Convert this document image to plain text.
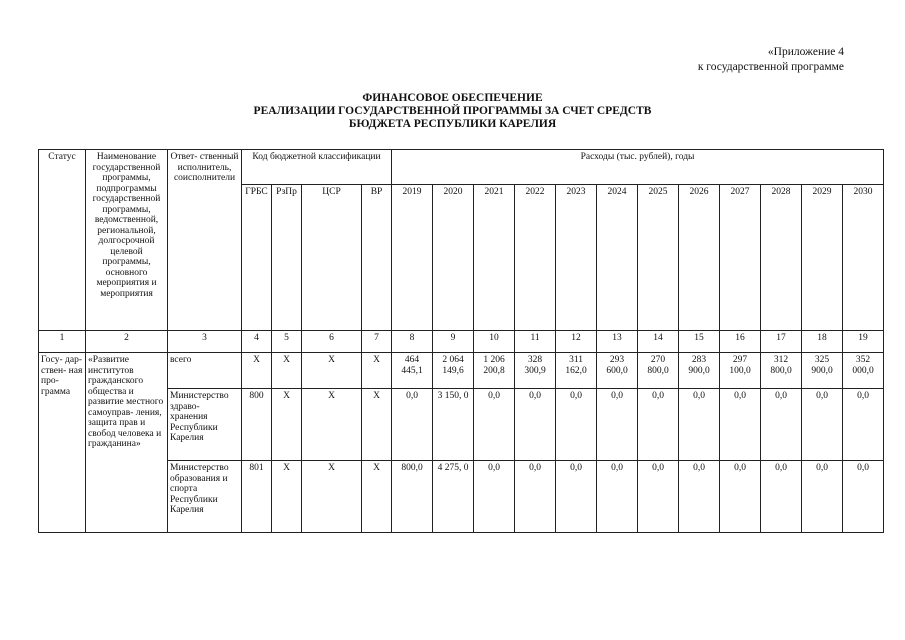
«Приложение 4
к государственной программе
ФИНАНСОВОЕ ОБЕСПЕЧЕНИЕ
РЕАЛИЗАЦИИ ГОСУДАРСТВЕННОЙ ПРОГРАММЫ ЗА СЧЕТ СРЕДСТВ
БЮДЖЕТА РЕСПУБЛИКИ КАРЕЛИЯ
Статус	Наименование государственной программы, подпрограммы государственной программы, ведомственной, региональной, долгосрочной целевой программы, основного мероприятия и мероприятия	Ответ- ственный исполнитель, соисполнители	Код бюджетной классификации				Расходы (тыс. рублей), годы											
			ГРБС	РзПр	ЦСР	ВР	2019	2020	2021	2022	2023	2024	2025	2026	2027	2028	2029	2030
1	2	3	4	5	6	7	8	9	10	11	12	13	14	15	16	17	18	19
Госу- дар- ствен- ная про- грамма	«Развитие институтов гражданского общества и развитие местного самоуправ- ления, защита прав и свобод человека и гражданина»	всего	X	X	X	X	464 445,1	2 064 149,6	1 206 200,8	328 300,9	311 162,0	293 600,0	270 800,0	283 900,0	297 100,0	312 800,0	325 900,0	352 000,0
		Министерство здраво- хранения Республики Карелия	800	X	X	X	0,0	3 150, 0	0,0	0,0	0,0	0,0	0,0	0,0	0,0	0,0	0,0	0,0
		Министерство образования и спорта Республики Карелия	801	X	X	X	800,0	4 275, 0	0,0	0,0	0,0	0,0	0,0	0,0	0,0	0,0	0,0	0,0
